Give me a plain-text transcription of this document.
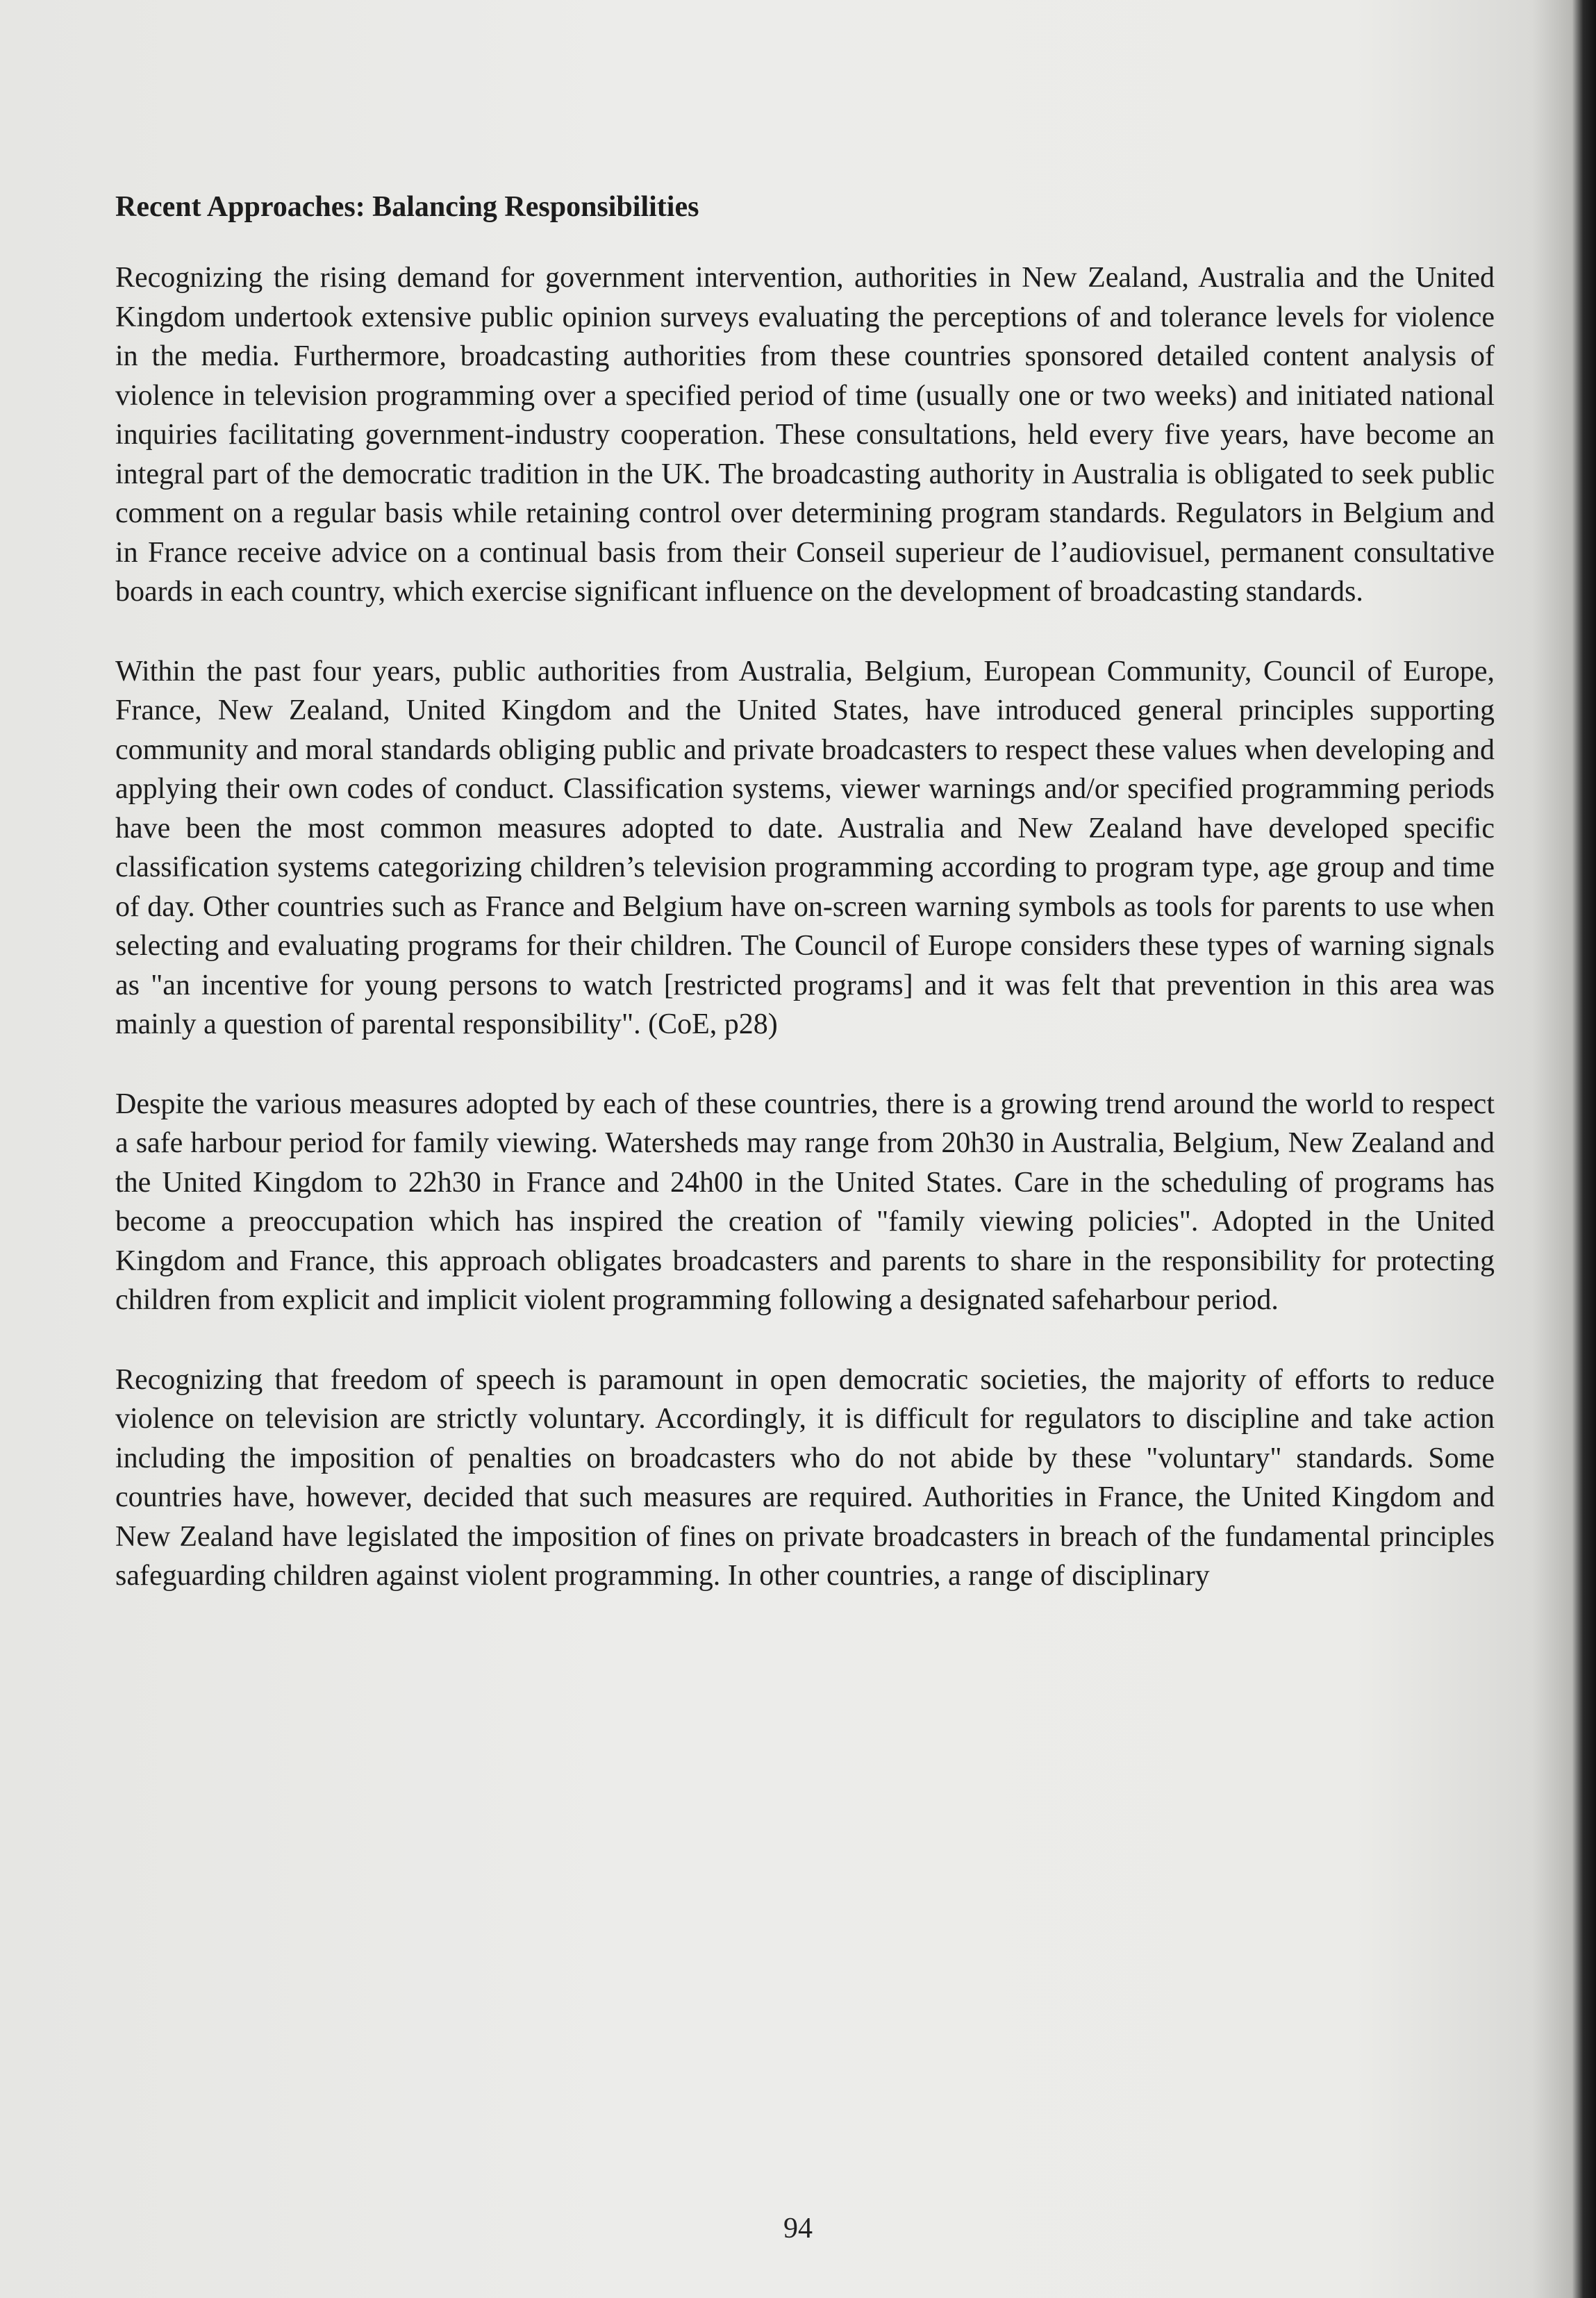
Recent Approaches: Balancing Responsibilities

Recognizing the rising demand for government intervention, authorities in New Zealand, Australia and the United Kingdom undertook extensive public opinion surveys evaluating the perceptions of and tolerance levels for violence in the media. Furthermore, broadcasting authorities from these countries sponsored detailed content analysis of violence in television programming over a specified period of time (usually one or two weeks) and initiated national inquiries facilitating government-industry cooperation. These consultations, held every five years, have become an integral part of the democratic tradition in the UK. The broadcasting authority in Australia is obligated to seek public comment on a regular basis while retaining control over determining program standards. Regulators in Belgium and in France receive advice on a continual basis from their Conseil superieur de l’audiovisuel, permanent consultative boards in each country, which exercise significant influence on the development of broadcasting standards.

Within the past four years, public authorities from Australia, Belgium, European Community, Council of Europe, France, New Zealand, United Kingdom and the United States, have introduced general principles supporting community and moral standards obliging public and private broadcasters to respect these values when developing and applying their own codes of conduct. Classification systems, viewer warnings and/or specified programming periods have been the most common measures adopted to date. Australia and New Zealand have developed specific classification systems categorizing children’s television programming according to program type, age group and time of day. Other countries such as France and Belgium have on-screen warning symbols as tools for parents to use when selecting and evaluating programs for their children. The Council of Europe considers these types of warning signals as "an incentive for young persons to watch [restricted programs] and it was felt that prevention in this area was mainly a question of parental responsibility". (CoE, p28)

Despite the various measures adopted by each of these countries, there is a growing trend around the world to respect a safe harbour period for family viewing. Watersheds may range from 20h30 in Australia, Belgium, New Zealand and the United Kingdom to 22h30 in France and 24h00 in the United States. Care in the scheduling of programs has become a preoccupation which has inspired the creation of "family viewing policies". Adopted in the United Kingdom and France, this approach obligates broadcasters and parents to share in the responsibility for protecting children from explicit and implicit violent programming following a designated safeharbour period.

Recognizing that freedom of speech is paramount in open democratic societies, the majority of efforts to reduce violence on television are strictly voluntary. Accordingly, it is difficult for regulators to discipline and take action including the imposition of penalties on broadcasters who do not abide by these "voluntary" standards. Some countries have, however, decided that such measures are required. Authorities in France, the United Kingdom and New Zealand have legislated the imposition of fines on private broadcasters in breach of the fundamental principles safeguarding children against violent programming. In other countries, a range of disciplinary

94
